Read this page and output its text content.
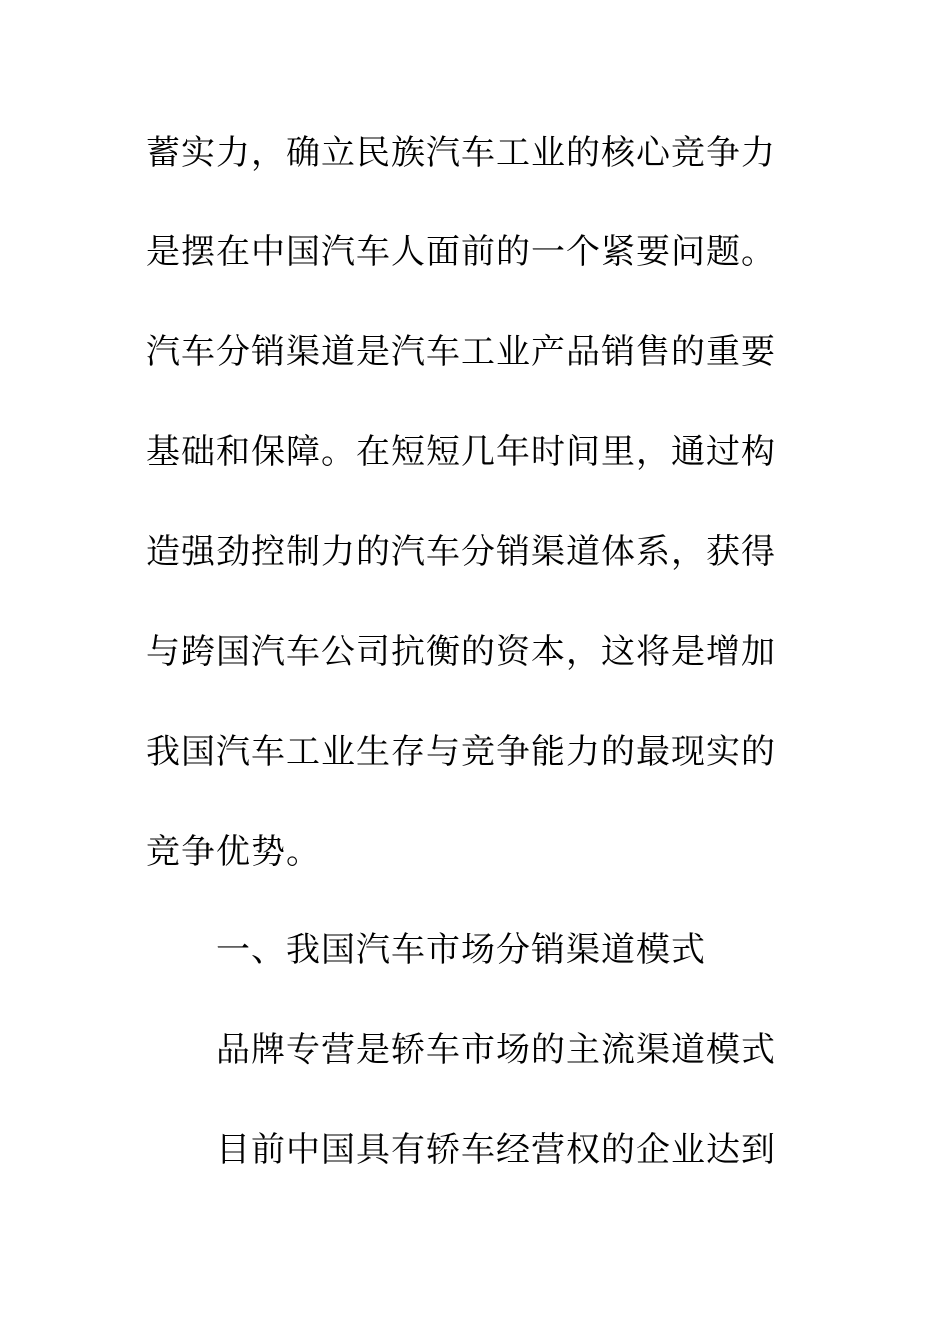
蓄实力，确立民族汽车工业的核心竞争力
是摆在中国汽车人面前的一个紧要问题。
汽车分销渠道是汽车工业产品销售的重要
基础和保障。在短短几年时间里，通过构
造强劲控制力的汽车分销渠道体系，获得
与跨国汽车公司抗衡的资本，这将是增加
我国汽车工业生存与竞争能力的最现实的
竞争优势。
一、我国汽车市场分销渠道模式
品牌专营是轿车市场的主流渠道模式
目前中国具有轿车经营权的企业达到
